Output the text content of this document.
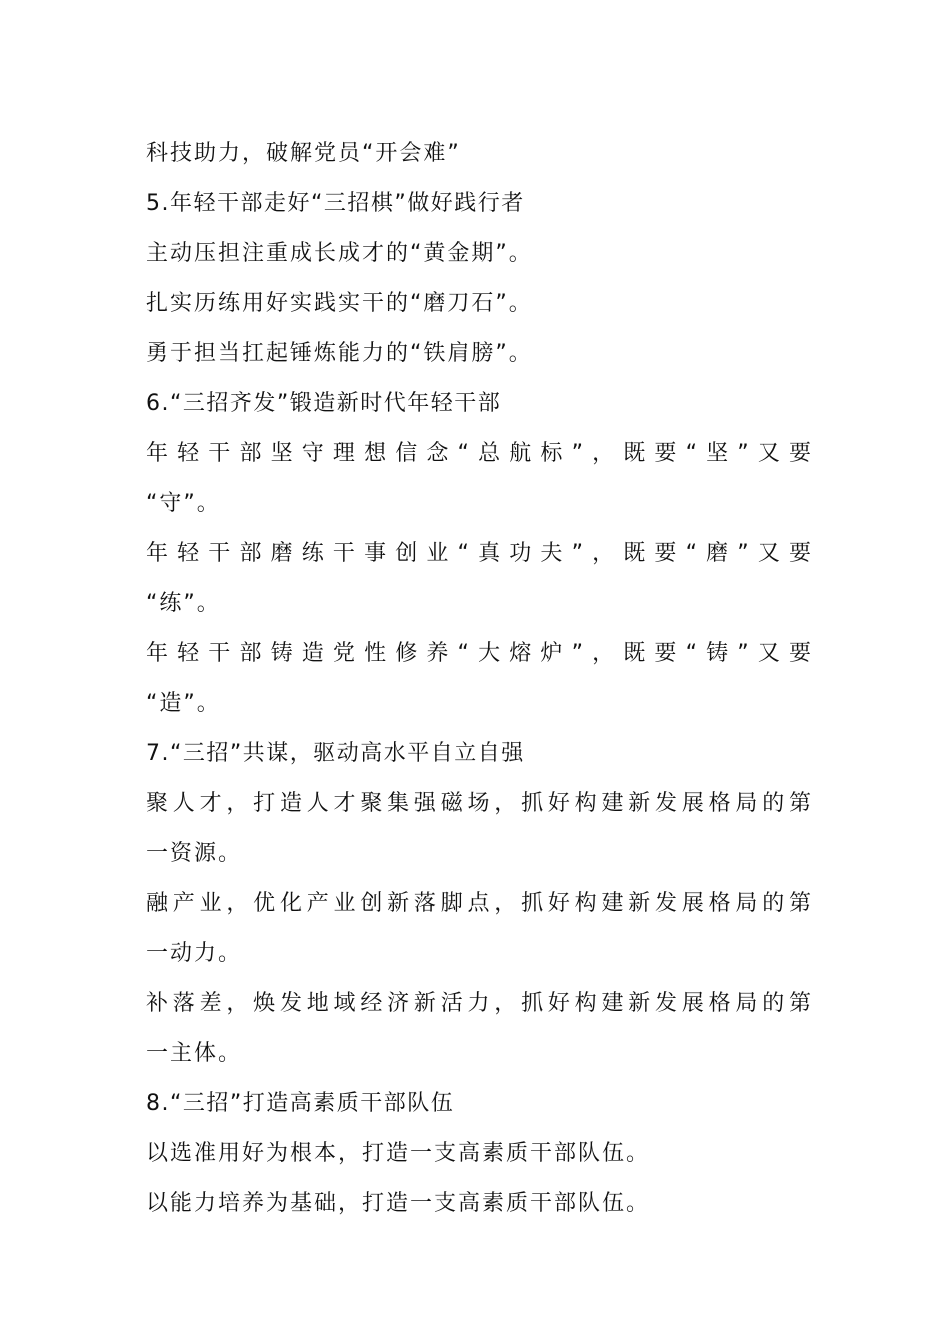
科技助力，破解党员“开会难”
5.年轻干部走好“三招棋”做好践行者
主动压担注重成长成才的“黄金期”。
扎实历练用好实践实干的“磨刀石”。
勇于担当扛起锤炼能力的“铁肩膀”。
6.“三招齐发”锻造新时代年轻干部
年轻干部坚守理想信念“总航标”，既要“坚”又要
“守”。
年轻干部磨练干事创业“真功夫”，既要“磨”又要
“练”。
年轻干部铸造党性修养“大熔炉”，既要“铸”又要
“造”。
7.“三招”共谋，驱动高水平自立自强
聚人才，打造人才聚集强磁场，抓好构建新发展格局的第
一资源。
融产业，优化产业创新落脚点，抓好构建新发展格局的第
一动力。
补落差，焕发地域经济新活力，抓好构建新发展格局的第
一主体。
8.“三招”打造高素质干部队伍
以选准用好为根本，打造一支高素质干部队伍。
以能力培养为基础，打造一支高素质干部队伍。
